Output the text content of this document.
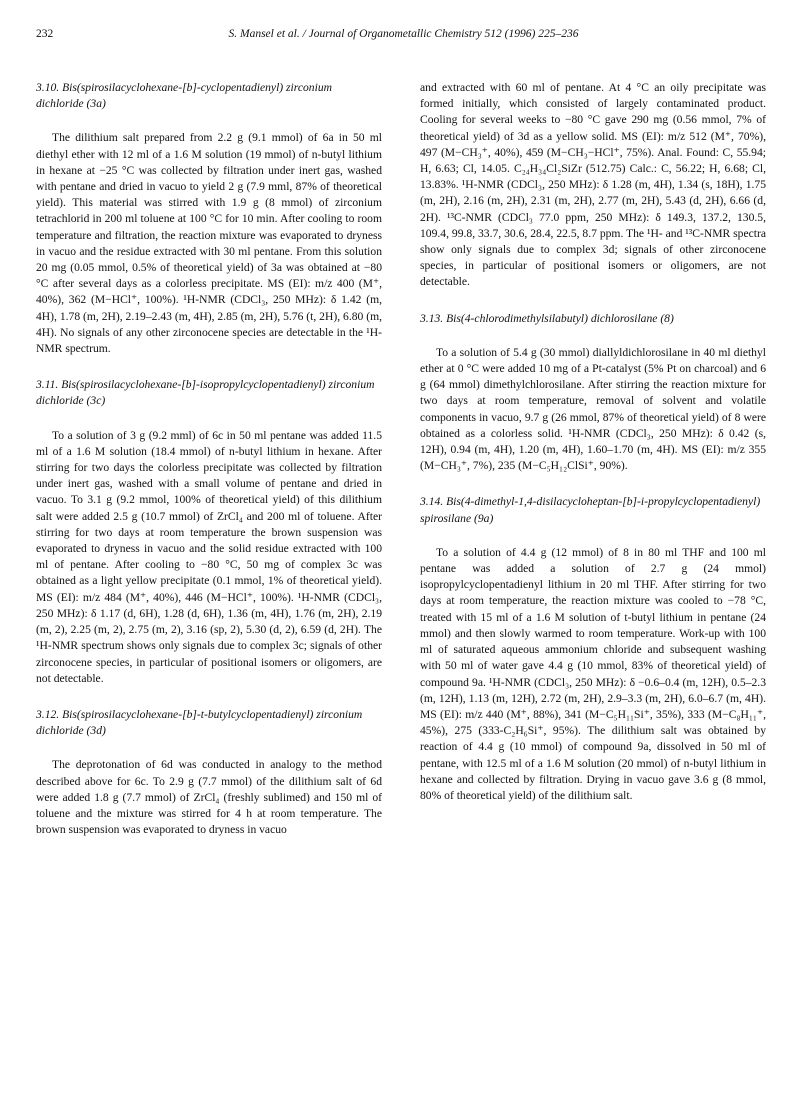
232	S. Mansel et al. / Journal of Organometallic Chemistry 512 (1996) 225–236
3.10. Bis(spirosilacyclohexane-[b]-cyclopentadienyl) zirconium dichloride (3a)

The dilithium salt prepared from 2.2 g (9.1 mmol) of 6a in 50 ml diethyl ether with 12 ml of a 1.6 M solution (19 mmol) of n-butyl lithium in hexane at −25 °C was collected by filtration under inert gas, washed with pentane and dried in vacuo to yield 2 g (7.9 mml, 87% of theoretical yield). This material was stirred with 1.9 g (8 mmol) of zirconium tetrachlorid in 200 ml toluene at 100 °C for 10 min. After cooling to room temperature and filtration, the reaction mixture was evaporated to dryness in vacuo and the residue extracted with 30 ml pentane. From this solution 20 mg (0.05 mmol, 0.5% of theoretical yield) of 3a was obtained at −80 °C after several days as a colorless precipitate. MS (EI): m/z 400 (M⁺, 40%), 362 (M−HCl⁺, 100%). ¹H-NMR (CDCl₃, 250 MHz): δ 1.42 (m, 4H), 1.78 (m, 2H), 2.19–2.43 (m, 4H), 2.85 (m, 2H), 5.76 (t, 2H), 6.80 (m, 4H). No signals of any other zirconocene species are detectable in the ¹H-NMR spectrum.

3.11. Bis(spirosilacyclohexane-[b]-isopropylcyclopentadienyl) zirconium dichloride (3c)

To a solution of 3 g (9.2 mml) of 6c in 50 ml pentane was added 11.5 ml of a 1.6 M solution (18.4 mmol) of n-butyl lithium in hexane. After stirring for two days the colorless precipitate was collected by filtration under inert gas, washed with a small volume of pentane and dried in vacuo. To 3.1 g (9.2 mmol, 100% of theoretical yield) of this dilithium salt were added 2.5 g (10.7 mmol) of ZrCl₄ and 200 ml of toluene. After stirring for two days at room temperature the brown suspension was evaporated to dryness in vacuo and the solid residue extracted with 100 ml of pentane. After cooling to −80 °C, 50 mg of complex 3c was obtained as a light yellow precipitate (0.1 mmol, 1% of theoretical yield). MS (EI): m/z 484 (M⁺, 40%), 446 (M−HCl⁺, 100%). ¹H-NMR (CDCl₃, 250 MHz): δ 1.17 (d, 6H), 1.28 (d, 6H), 1.36 (m, 4H), 1.76 (m, 2H), 2.19 (m, 2), 2.25 (m, 2), 2.75 (m, 2), 3.16 (sp, 2), 5.30 (d, 2), 6.59 (d, 2H). The ¹H-NMR spectrum shows only signals due to complex 3c; signals of other zirconocene species, in particular of positional isomers or oligomers, are not detectable.

3.12. Bis(spirosilacyclohexane-[b]-t-butylcyclopentadienyl) zirconium dichloride (3d)

The deprotonation of 6d was conducted in analogy to the method described above for 6c. To 2.9 g (7.7 mmol) of the dilithium salt of 6d were added 1.8 g (7.7 mmol) of ZrCl₄ (freshly sublimed) and 150 ml of toluene and the mixture was stirred for 4 h at room temperature. The brown suspension was evaporated to dryness in vacuo

and extracted with 60 ml of pentane. At 4 °C an oily precipitate was formed initially, which consisted of largely contaminated product. Cooling for several weeks to −80 °C gave 290 mg (0.56 mmol, 7% of theoretical yield) of 3d as a yellow solid. MS (EI): m/z 512 (M⁺, 70%), 497 (M−CH₃⁺, 40%), 459 (M−CH₃−HCl⁺, 75%). Anal. Found: C, 55.94; H, 6.63; Cl, 14.05. C₂₄H₃₄Cl₂SiZr (512.75) Calc.: C, 56.22; H, 6.68; Cl, 13.83%. ¹H-NMR (CDCl₃, 250 MHz): δ 1.28 (m, 4H), 1.34 (s, 18H), 1.75 (m, 2H), 2.16 (m, 2H), 2.31 (m, 2H), 2.77 (m, 2H), 5.43 (d, 2H), 6.66 (d, 2H). ¹³C-NMR (CDCl₃ 77.0 ppm, 250 MHz): δ 149.3, 137.2, 130.5, 109.4, 99.8, 33.7, 30.6, 28.4, 22.5, 8.7 ppm. The ¹H- and ¹³C-NMR spectra show only signals due to complex 3d; signals of other zirconocene species, in particular of positional isomers or oligomers, are not detectable.

3.13. Bis(4-chlorodimethylsilabutyl) dichlorosilane (8)

To a solution of 5.4 g (30 mmol) diallyldichlorosilane in 40 ml diethyl ether at 0 °C were added 10 mg of a Pt-catalyst (5% Pt on charcoal) and 6 g (64 mmol) dimethylchlorosilane. After stirring the reaction mixture for two days at room temperature, removal of solvent and volatile components in vacuo, 9.7 g (26 mmol, 87% of theoretical yield) of 8 were obtained as a colorless solid. ¹H-NMR (CDCl₃, 250 MHz): δ 0.42 (s, 12H), 0.94 (m, 4H), 1.20 (m, 4H), 1.60–1.70 (m, 4H). MS (EI): m/z 355 (M−CH₃⁺, 7%), 235 (M−C₅H₁₂ClSi⁺, 90%).

3.14. Bis(4-dimethyl-1,4-disilacycloheptan-[b]-i-propylcyclopentadienyl) spirosilane (9a)

To a solution of 4.4 g (12 mmol) of 8 in 80 ml THF and 100 ml pentane was added a solution of 2.7 g (24 mmol) isopropylcyclopentadienyl lithium in 20 ml THF. After stirring for two days at room temperature, the reaction mixture was cooled to −78 °C, treated with 15 ml of a 1.6 M solution of t-butyl lithium in pentane (24 mmol) and then slowly warmed to room temperature. Work-up with 100 ml of saturated aqueous ammonium chloride and subsequent washing with 50 ml of water gave 4.4 g (10 mmol, 83% of theoretical yield) of compound 9a. ¹H-NMR (CDCl₃, 250 MHz): δ −0.6–0.4 (m, 12H), 0.5–2.3 (m, 12H), 1.13 (m, 12H), 2.72 (m, 2H), 2.9–3.3 (m, 2H), 6.0–6.7 (m, 4H). MS (EI): m/z 440 (M⁺, 88%), 341 (M−C₅H₁₁Si⁺, 35%), 333 (M−C₈H₁₁⁺, 45%), 275 (333-C₂H₆Si⁺, 95%). The dilithium salt was obtained by reaction of 4.4 g (10 mmol) of compound 9a, dissolved in 50 ml of pentane, with 12.5 ml of a 1.6 M solution (20 mmol) of n-butyl lithium in hexane and collected by filtration. Drying in vacuo gave 3.6 g (8 mmol, 80% of theoretical yield) of the dilithium salt.
